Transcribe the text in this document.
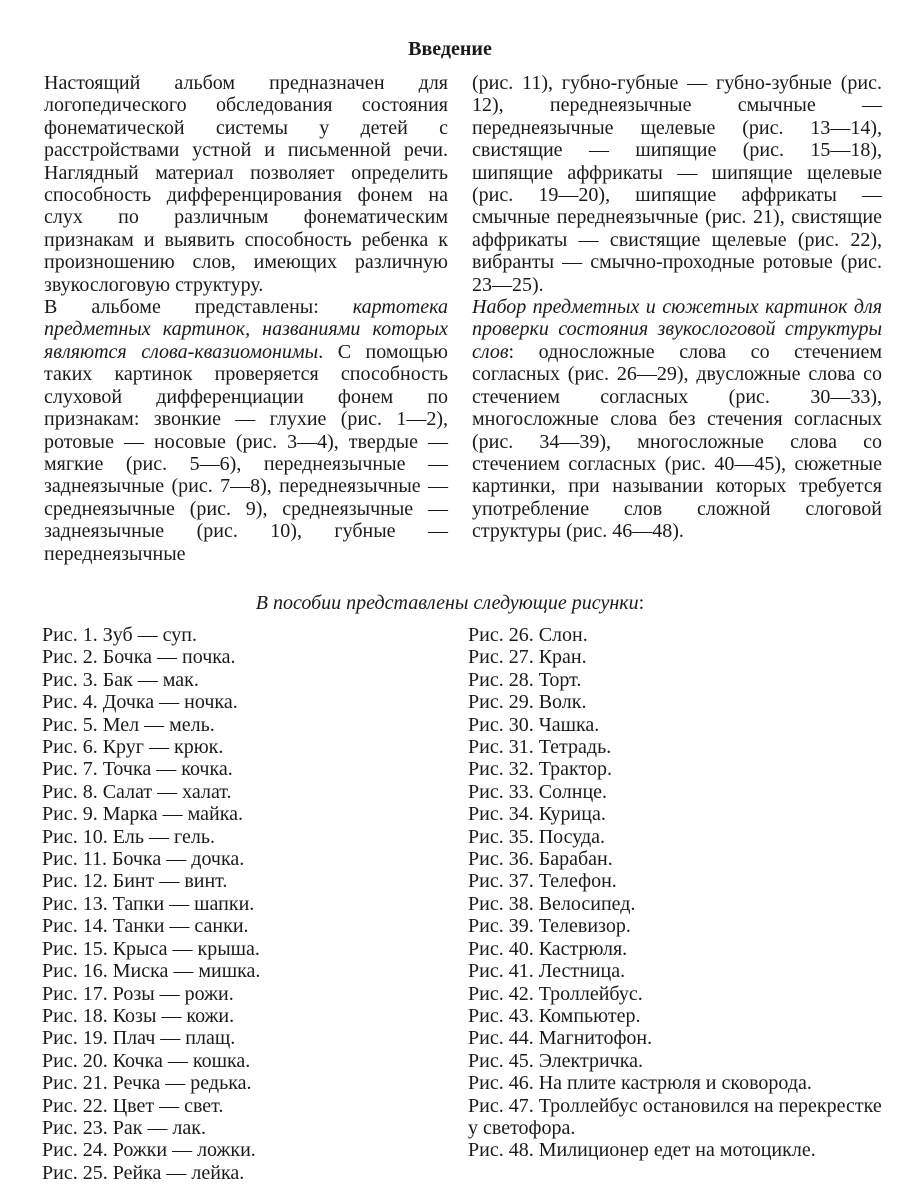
Введение

Настоящий альбом предназначен для логопедического обследования состояния фонематической системы у детей с расстройствами устной и письменной речи. Наглядный материал позволяет определить способность дифференцирования фонем на слух по различным фонематическим признакам и выявить способность ребенка к произношению слов, имеющих различную звукослоговую структуру.

В альбоме представлены: картотека предметных картинок, названиями которых являются слова-квазиомонимы. С помощью таких картинок проверяется способность слуховой дифференциации фонем по признакам: звонкие — глухие (рис. 1—2), ротовые — носовые (рис. 3—4), твердые — мягкие (рис. 5—6), переднеязычные — заднеязычные (рис. 7—8), переднеязычные — среднеязычные (рис. 9), среднеязычные — заднеязычные (рис. 10), губные — переднеязычные

(рис. 11), губно-губные — губно-зубные (рис. 12), переднеязычные смычные — переднеязычные щелевые (рис. 13—14), свистящие — шипящие (рис. 15—18), шипящие аффрикаты — шипящие щелевые (рис. 19—20), шипящие аффрикаты — смычные переднеязычные (рис. 21), свистящие аффрикаты — свистящие щелевые (рис. 22), вибранты — смычно-проходные ротовые (рис. 23—25).

Набор предметных и сюжетных картинок для проверки состояния звукослоговой структуры слов: односложные слова со стечением согласных (рис. 26—29), двусложные слова со стечением согласных (рис. 30—33), многосложные слова без стечения согласных (рис. 34—39), многосложные слова со стечением согласных (рис. 40—45), сюжетные картинки, при назывании которых требуется употребление слов сложной слоговой структуры (рис. 46—48).

В пособии представлены следующие рисунки:
Рис. 1. Зуб — суп.
Рис. 2. Бочка — почка.
Рис. 3. Бак — мак.
Рис. 4. Дочка — ночка.
Рис. 5. Мел — мель.
Рис. 6. Круг — крюк.
Рис. 7. Точка — кочка.
Рис. 8. Салат — халат.
Рис. 9. Марка — майка.
Рис. 10. Ель — гель.
Рис. 11. Бочка — дочка.
Рис. 12. Бинт — винт.
Рис. 13. Тапки — шапки.
Рис. 14. Танки — санки.
Рис. 15. Крыса — крыша.
Рис. 16. Миска — мишка.
Рис. 17. Розы — рожи.
Рис. 18. Козы — кожи.
Рис. 19. Плач — плащ.
Рис. 20. Кочка — кошка.
Рис. 21. Речка — редька.
Рис. 22. Цвет — свет.
Рис. 23. Рак — лак.
Рис. 24. Рожки — ложки.
Рис. 25. Рейка — лейка.
Рис. 26. Слон.
Рис. 27. Кран.
Рис. 28. Торт.
Рис. 29. Волк.
Рис. 30. Чашка.
Рис. 31. Тетрадь.
Рис. 32. Трактор.
Рис. 33. Солнце.
Рис. 34. Курица.
Рис. 35. Посуда.
Рис. 36. Барабан.
Рис. 37. Телефон.
Рис. 38. Велосипед.
Рис. 39. Телевизор.
Рис. 40. Кастрюля.
Рис. 41. Лестница.
Рис. 42. Троллейбус.
Рис. 43. Компьютер.
Рис. 44. Магнитофон.
Рис. 45. Электричка.
Рис. 46. На плите кастрюля и сковорода.
Рис. 47. Троллейбус остановился на перекрестке у светофора.
Рис. 48. Милиционер едет на мотоцикле.
